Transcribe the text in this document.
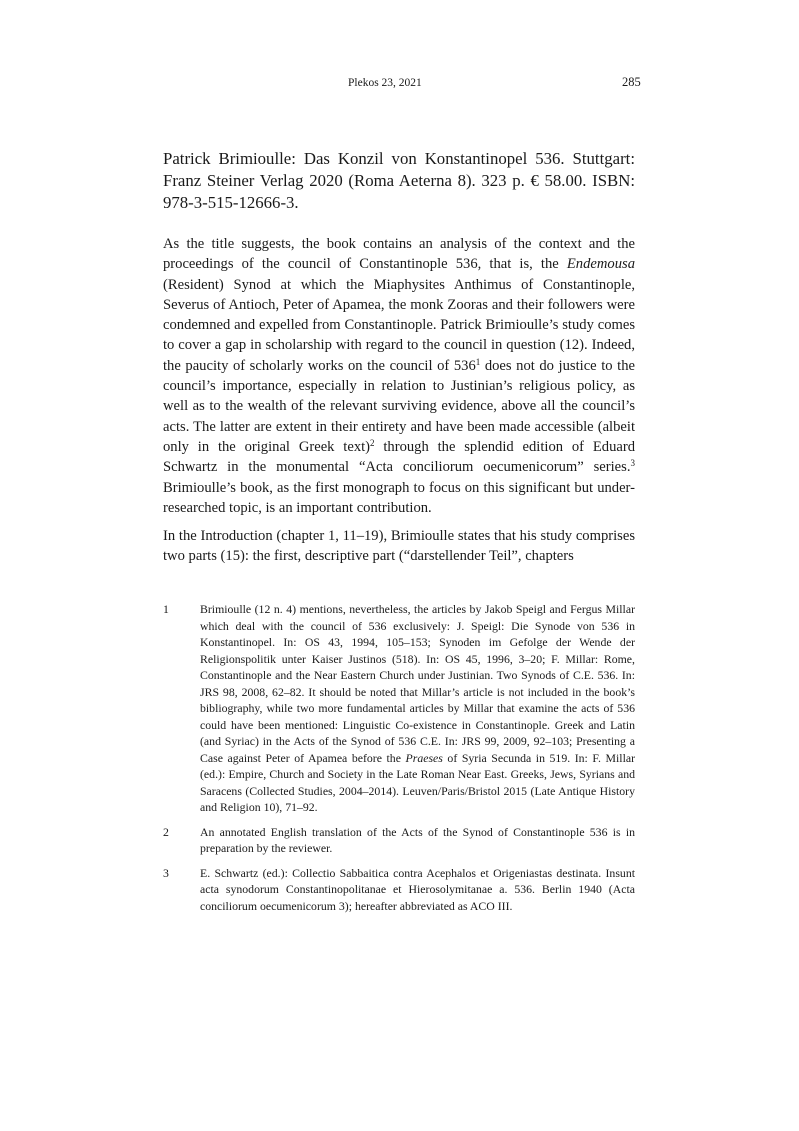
Plekos 23, 2021	285
Patrick Brimioulle: Das Konzil von Konstantinopel 536. Stuttgart: Franz Steiner Verlag 2020 (Roma Aeterna 8). 323 p. € 58.00. ISBN: 978-3-515-12666-3.

As the title suggests, the book contains an analysis of the context and the proceedings of the council of Constantinople 536, that is, the Endemousa (Resident) Synod at which the Miaphysites Anthimus of Constantinople, Severus of Antioch, Peter of Apamea, the monk Zooras and their followers were condemned and expelled from Constantinople. Patrick Brimioulle’s study comes to cover a gap in scholarship with regard to the council in question (12). Indeed, the paucity of scholarly works on the council of $536^1$ does not do justice to the council’s importance, especially in relation to Justinian’s religious policy, as well as to the wealth of the relevant surviving evidence, above all the council’s acts. The latter are extent in their entirety and have been made accessible (albeit only in the original Greek text)$^2$ through the splendid edition of Eduard Schwartz in the monumental “Acta conciliorum oecumenicorum” series.$^3$ Brimioulle’s book, as the first monograph to focus on this significant but under-researched topic, is an important contribution.

In the Introduction (chapter 1, 11–19), Brimioulle states that his study comprises two parts (15): the first, descriptive part (“darstellender Teil”, chapters

1	Brimioulle (12 n. 4) mentions, nevertheless, the articles by Jakob Speigl and Fergus Millar which deal with the council of 536 exclusively: J. Speigl: Die Synode von 536 in Konstantinopel. In: OS 43, 1994, 105–153; Synoden im Gefolge der Wende der Religionspolitik unter Kaiser Justinos (518). In: OS 45, 1996, 3–20; F. Millar: Rome, Constantinople and the Near Eastern Church under Justinian. Two Synods of C.E. 536. In: JRS 98, 2008, 62–82. It should be noted that Millar’s article is not included in the book’s bibliography, while two more fundamental articles by Millar that examine the acts of 536 could have been mentioned: Linguistic Co-existence in Constantinople. Greek and Latin (and Syriac) in the Acts of the Synod of 536 C.E. In: JRS 99, 2009, 92–103; Presenting a Case against Peter of Apamea before the Praeses of Syria Secunda in 519. In: F. Millar (ed.): Empire, Church and Society in the Late Roman Near East. Greeks, Jews, Syrians and Saracens (Collected Studies, 2004–2014). Leuven/Paris/Bristol 2015 (Late Antique History and Religion 10), 71–92.
2	An annotated English translation of the Acts of the Synod of Constantinople 536 is in preparation by the reviewer.
3	E. Schwartz (ed.): Collectio Sabbaitica contra Acephalos et Origeniastas destinata. Insunt acta synodorum Constantinopolitanae et Hierosolymitanae a. 536. Berlin 1940 (Acta conciliorum oecumenicorum 3); hereafter abbreviated as ACO III.
